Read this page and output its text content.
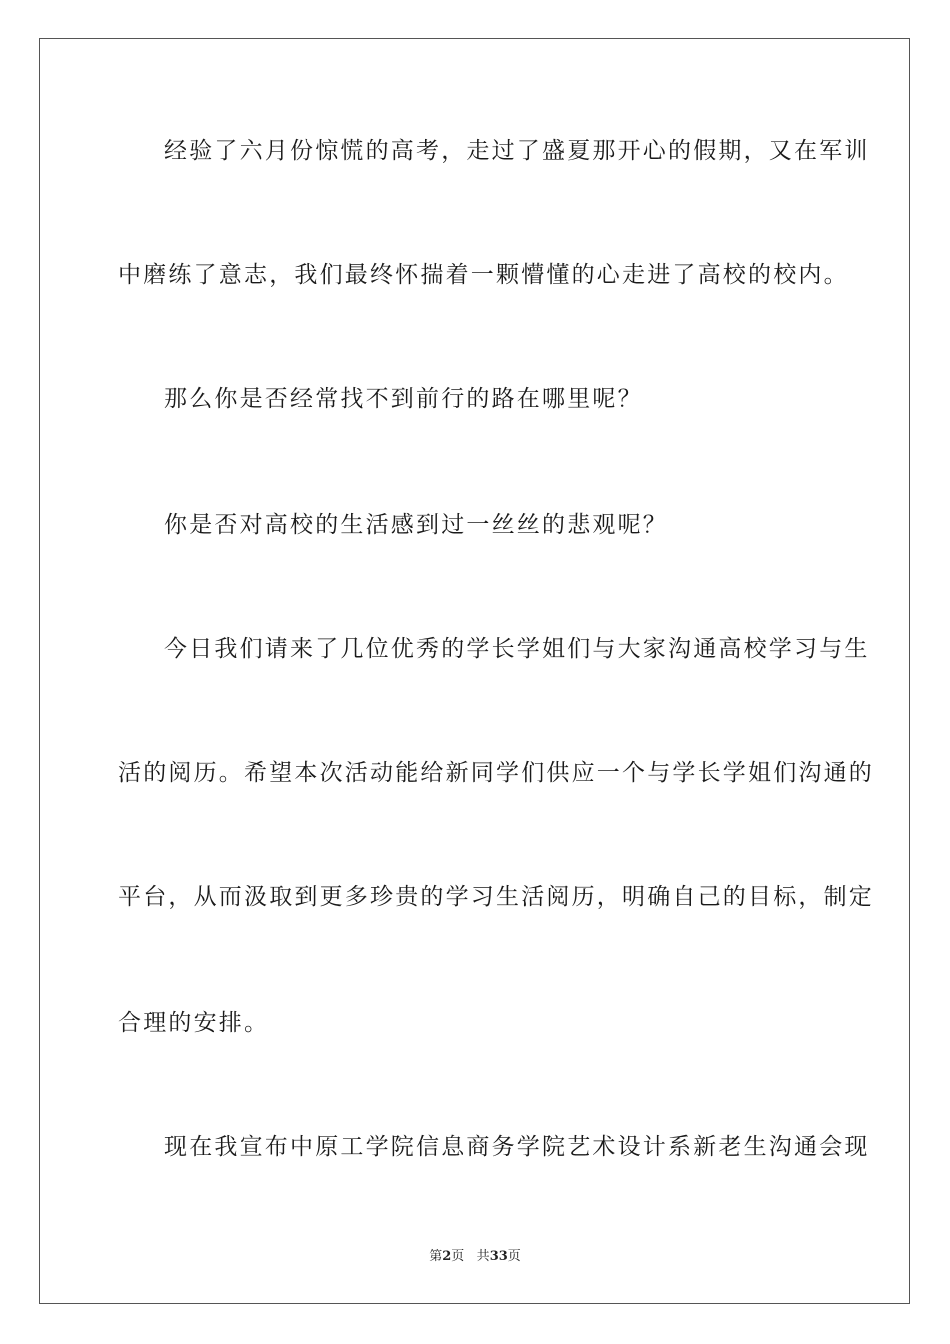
经验了六月份惊慌的高考，走过了盛夏那开心的假期，又在军训
中磨练了意志，我们最终怀揣着一颗懵懂的心走进了高校的校内。
那么你是否经常找不到前行的路在哪里呢？
你是否对高校的生活感到过一丝丝的悲观呢？
今日我们请来了几位优秀的学长学姐们与大家沟通高校学习与生
活的阅历。希望本次活动能给新同学们供应一个与学长学姐们沟通的
平台，从而汲取到更多珍贵的学习生活阅历，明确自己的目标，制定
合理的安排。
现在我宣布中原工学院信息商务学院艺术设计系新老生沟通会现
第2页 共33页
